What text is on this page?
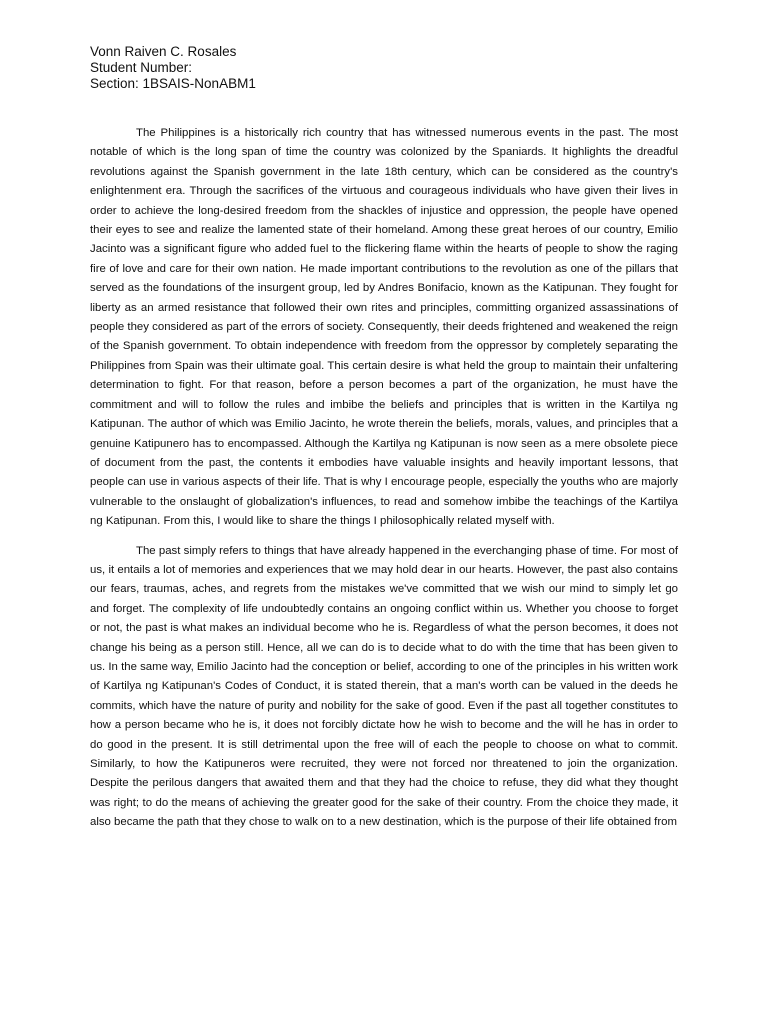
Vonn Raiven C. Rosales
Student Number:
Section: 1BSAIS-NonABM1

The Philippines is a historically rich country that has witnessed numerous events in the past. The most notable of which is the long span of time the country was colonized by the Spaniards. It highlights the dreadful revolutions against the Spanish government in the late 18th century, which can be considered as the country's enlightenment era. Through the sacrifices of the virtuous and courageous individuals who have given their lives in order to achieve the long-desired freedom from the shackles of injustice and oppression, the people have opened their eyes to see and realize the lamented state of their homeland. Among these great heroes of our country, Emilio Jacinto was a significant figure who added fuel to the flickering flame within the hearts of people to show the raging fire of love and care for their own nation. He made important contributions to the revolution as one of the pillars that served as the foundations of the insurgent group, led by Andres Bonifacio, known as the Katipunan. They fought for liberty as an armed resistance that followed their own rites and principles, committing organized assassinations of people they considered as part of the errors of society. Consequently, their deeds frightened and weakened the reign of the Spanish government. To obtain independence with freedom from the oppressor by completely separating the Philippines from Spain was their ultimate goal. This certain desire is what held the group to maintain their unfaltering determination to fight. For that reason, before a person becomes a part of the organization, he must have the commitment and will to follow the rules and imbibe the beliefs and principles that is written in the Kartilya ng Katipunan. The author of which was Emilio Jacinto, he wrote therein the beliefs, morals, values, and principles that a genuine Katipunero has to encompassed. Although the Kartilya ng Katipunan is now seen as a mere obsolete piece of document from the past, the contents it embodies have valuable insights and heavily important lessons, that people can use in various aspects of their life. That is why I encourage people, especially the youths who are majorly vulnerable to the onslaught of globalization's influences, to read and somehow imbibe the teachings of the Kartilya ng Katipunan. From this, I would like to share the things I philosophically related myself with.

The past simply refers to things that have already happened in the everchanging phase of time. For most of us, it entails a lot of memories and experiences that we may hold dear in our hearts. However, the past also contains our fears, traumas, aches, and regrets from the mistakes we've committed that we wish our mind to simply let go and forget. The complexity of life undoubtedly contains an ongoing conflict within us. Whether you choose to forget or not, the past is what makes an individual become who he is. Regardless of what the person becomes, it does not change his being as a person still. Hence, all we can do is to decide what to do with the time that has been given to us. In the same way, Emilio Jacinto had the conception or belief, according to one of the principles in his written work of Kartilya ng Katipunan's Codes of Conduct, it is stated therein, that a man's worth can be valued in the deeds he commits, which have the nature of purity and nobility for the sake of good. Even if the past all together constitutes to how a person became who he is, it does not forcibly dictate how he wish to become and the will he has in order to do good in the present. It is still detrimental upon the free will of each the people to choose on what to commit. Similarly, to how the Katipuneros were recruited, they were not forced nor threatened to join the organization. Despite the perilous dangers that awaited them and that they had the choice to refuse, they did what they thought was right; to do the means of achieving the greater good for the sake of their country. From the choice they made, it also became the path that they chose to walk on to a new destination, which is the purpose of their life obtained from
